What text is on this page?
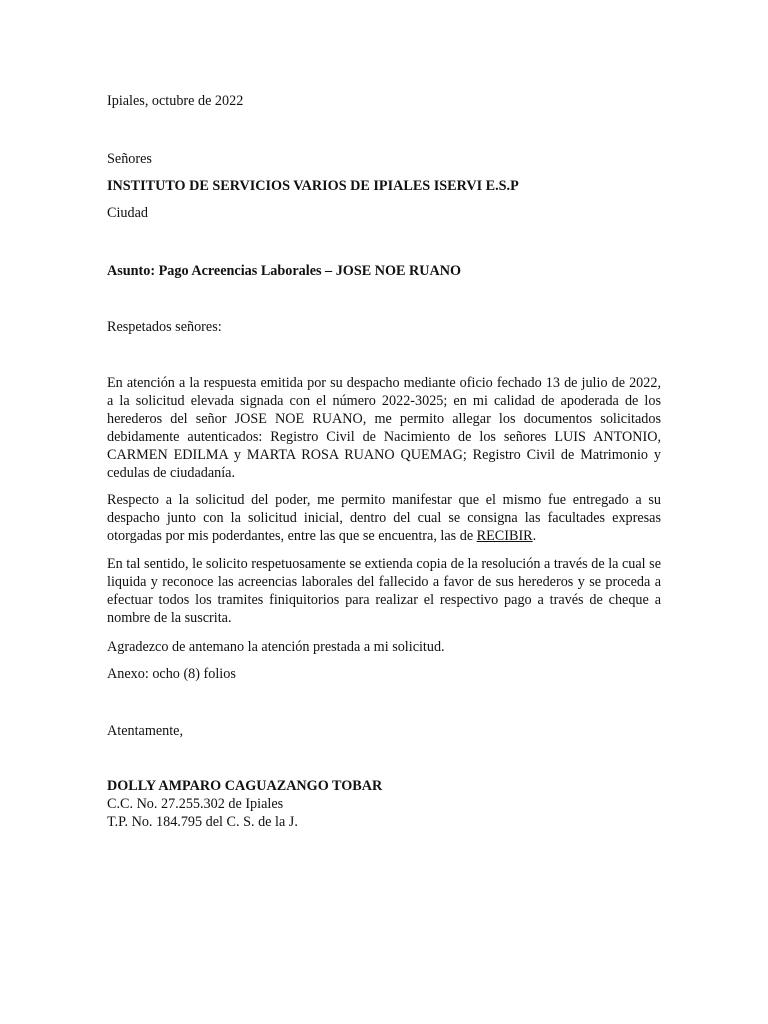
Ipiales, octubre de 2022
Señores
INSTITUTO DE SERVICIOS VARIOS DE IPIALES ISERVI E.S.P
Ciudad
Asunto: Pago Acreencias Laborales – JOSE NOE RUANO
Respetados señores:
En atención a la respuesta emitida por su despacho mediante oficio fechado 13 de julio de 2022, a la solicitud elevada signada con el número 2022-3025; en mi calidad de apoderada de los herederos del señor JOSE NOE RUANO, me permito allegar los documentos solicitados debidamente autenticados: Registro Civil de Nacimiento de los señores LUIS ANTONIO, CARMEN EDILMA y MARTA ROSA RUANO QUEMAG; Registro Civil de Matrimonio y cedulas de ciudadanía.
Respecto a la solicitud del poder, me permito manifestar que el mismo fue entregado a su despacho junto con la solicitud inicial, dentro del cual se consigna las facultades expresas otorgadas por mis poderdantes, entre las que se encuentra, las de RECIBIR.
En tal sentido, le solicito respetuosamente se extienda copia de la resolución a través de la cual se liquida y reconoce las acreencias laborales del fallecido a favor de sus herederos y se proceda a efectuar todos los tramites finiquitorios para realizar el respectivo pago a través de cheque a nombre de la suscrita.
Agradezco de antemano la atención prestada a mi solicitud.
Anexo: ocho (8) folios
Atentamente,
DOLLY AMPARO CAGUAZANGO TOBAR
C.C. No. 27.255.302 de Ipiales
T.P. No. 184.795 del C. S. de la J.
